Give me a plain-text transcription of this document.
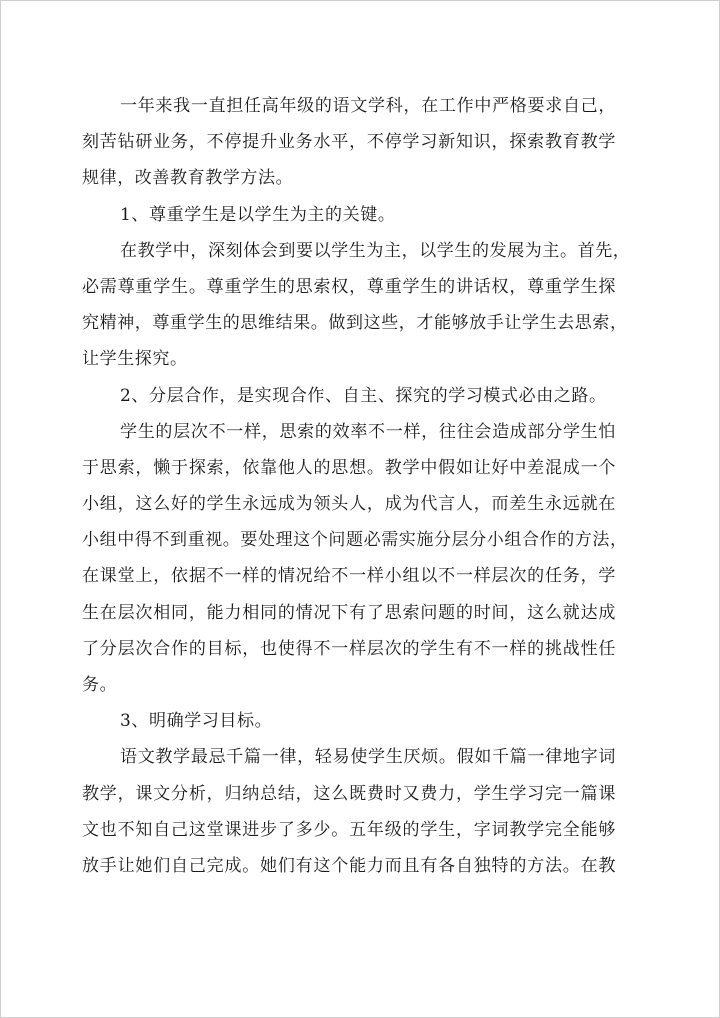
一年来我一直担任高年级的语文学科，在工作中严格要求自己，
刻苦钻研业务，不停提升业务水平，不停学习新知识，探索教育教学
规律，改善教育教学方法。
1、尊重学生是以学生为主的关键。
在教学中，深刻体会到要以学生为主，以学生的发展为主。首先，
必需尊重学生。尊重学生的思索权，尊重学生的讲话权，尊重学生探
究精神，尊重学生的思维结果。做到这些，才能够放手让学生去思索，
让学生探究。
2、分层合作，是实现合作、自主、探究的学习模式必由之路。
学生的层次不一样，思索的效率不一样，往往会造成部分学生怕
于思索，懒于探索，依靠他人的思想。教学中假如让好中差混成一个
小组，这么好的学生永远成为领头人，成为代言人，而差生永远就在
小组中得不到重视。要处理这个问题必需实施分层分小组合作的方法，
在课堂上，依据不一样的情况给不一样小组以不一样层次的任务，学
生在层次相同，能力相同的情况下有了思索问题的时间，这么就达成
了分层次合作的目标，也使得不一样层次的学生有不一样的挑战性任
务。
3、明确学习目标。
语文教学最忌千篇一律，轻易使学生厌烦。假如千篇一律地字词
教学，课文分析，归纳总结，这么既费时又费力，学生学习完一篇课
文也不知自己这堂课进步了多少。五年级的学生，字词教学完全能够
放手让她们自己完成。她们有这个能力而且有各自独特的方法。在教
